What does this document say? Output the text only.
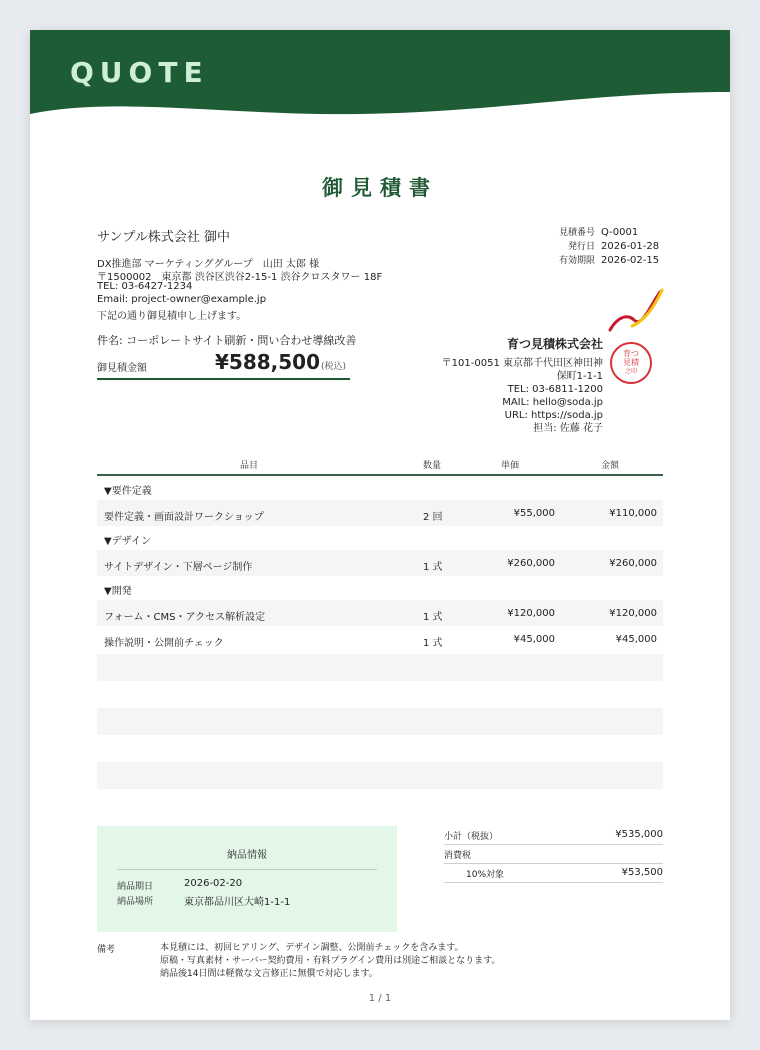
QUOTE
御見積書
サンプル株式会社 御中
DX推進部 マーケティンググループ　山田 太郎 様
〒1500002　東京都 渋谷区渋谷2-15-1 渋谷クロスタワー 18F
TEL: 03-6427-1234
Email: project-owner@example.jp
下記の通り御見積申し上げます。
件名: コーポレートサイト刷新・問い合わせ導線改善
御見積金額	¥588,500 (税込)
見積番号 Q-0001
発行日 2026-01-28
有効期限 2026-02-15
育つ見積株式会社
〒101-0051 東京都千代田区神田神
保町1-1-1
TEL: 03-6811-1200
MAIL: hello@soda.jp
URL: https://soda.jp
担当: 佐藤 花子
育つ
見積
之印
品目	数量	単価	金額
▼要件定義
要件定義・画面設計ワークショップ	2 回	¥55,000	¥110,000
▼デザイン
サイトデザイン・下層ページ制作	1 式	¥260,000	¥260,000
▼開発
フォーム・CMS・アクセス解析設定	1 式	¥120,000	¥120,000
操作説明・公開前チェック	1 式	¥45,000	¥45,000
納品情報
納品期日	2026-02-20
納品場所	東京都品川区大崎1-1-1
小計（税抜）	¥535,000
消費税
10%対象	¥53,500
備考	本見積には、初回ヒアリング、デザイン調整、公開前チェックを含みます。
原稿・写真素材・サーバー契約費用・有料プラグイン費用は別途ご相談となります。
納品後14日間は軽微な文言修正に無償で対応します。
1 / 1
